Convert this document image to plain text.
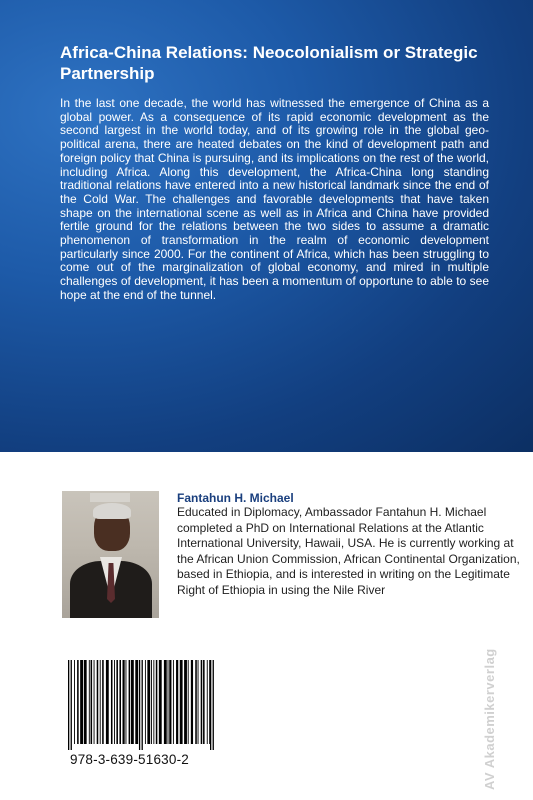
Africa-China Relations: Neocolonialism or Strategic Partnership
In the last one decade, the world has witnessed the emergence of China as a global power. As a consequence of its rapid economic development as the second largest in the world today, and of its growing role in the global geo-political arena, there are heated debates on the kind of development path and foreign policy that China is pursuing, and its implications on the rest of the world, including Africa. Along this development, the Africa-China long standing traditional relations have entered into a new historical landmark since the end of the Cold War. The challenges and favorable developments that have taken shape on the international scene as well as in Africa and China have provided fertile ground for the relations between the two sides to assume a dramatic phenomenon of transformation in the realm of economic development particularly since 2000. For the continent of Africa, which has been struggling to come out of the marginalization of global economy, and mired in multiple challenges of development, it has been a momentum of opportune to able to see hope at the end of the tunnel.
Fantahun H. Michael
Educated in Diplomacy, Ambassador Fantahun H. Michael completed a PhD on International Relations at the Atlantic International University, Hawaii, USA. He is currently working at the African Union Commission, African Continental Organization, based in Ethiopia, and is interested in writing on the Legitimate Right of Ethiopia in using the Nile River
978-3-639-51630-2	AV Akademikerverlag
